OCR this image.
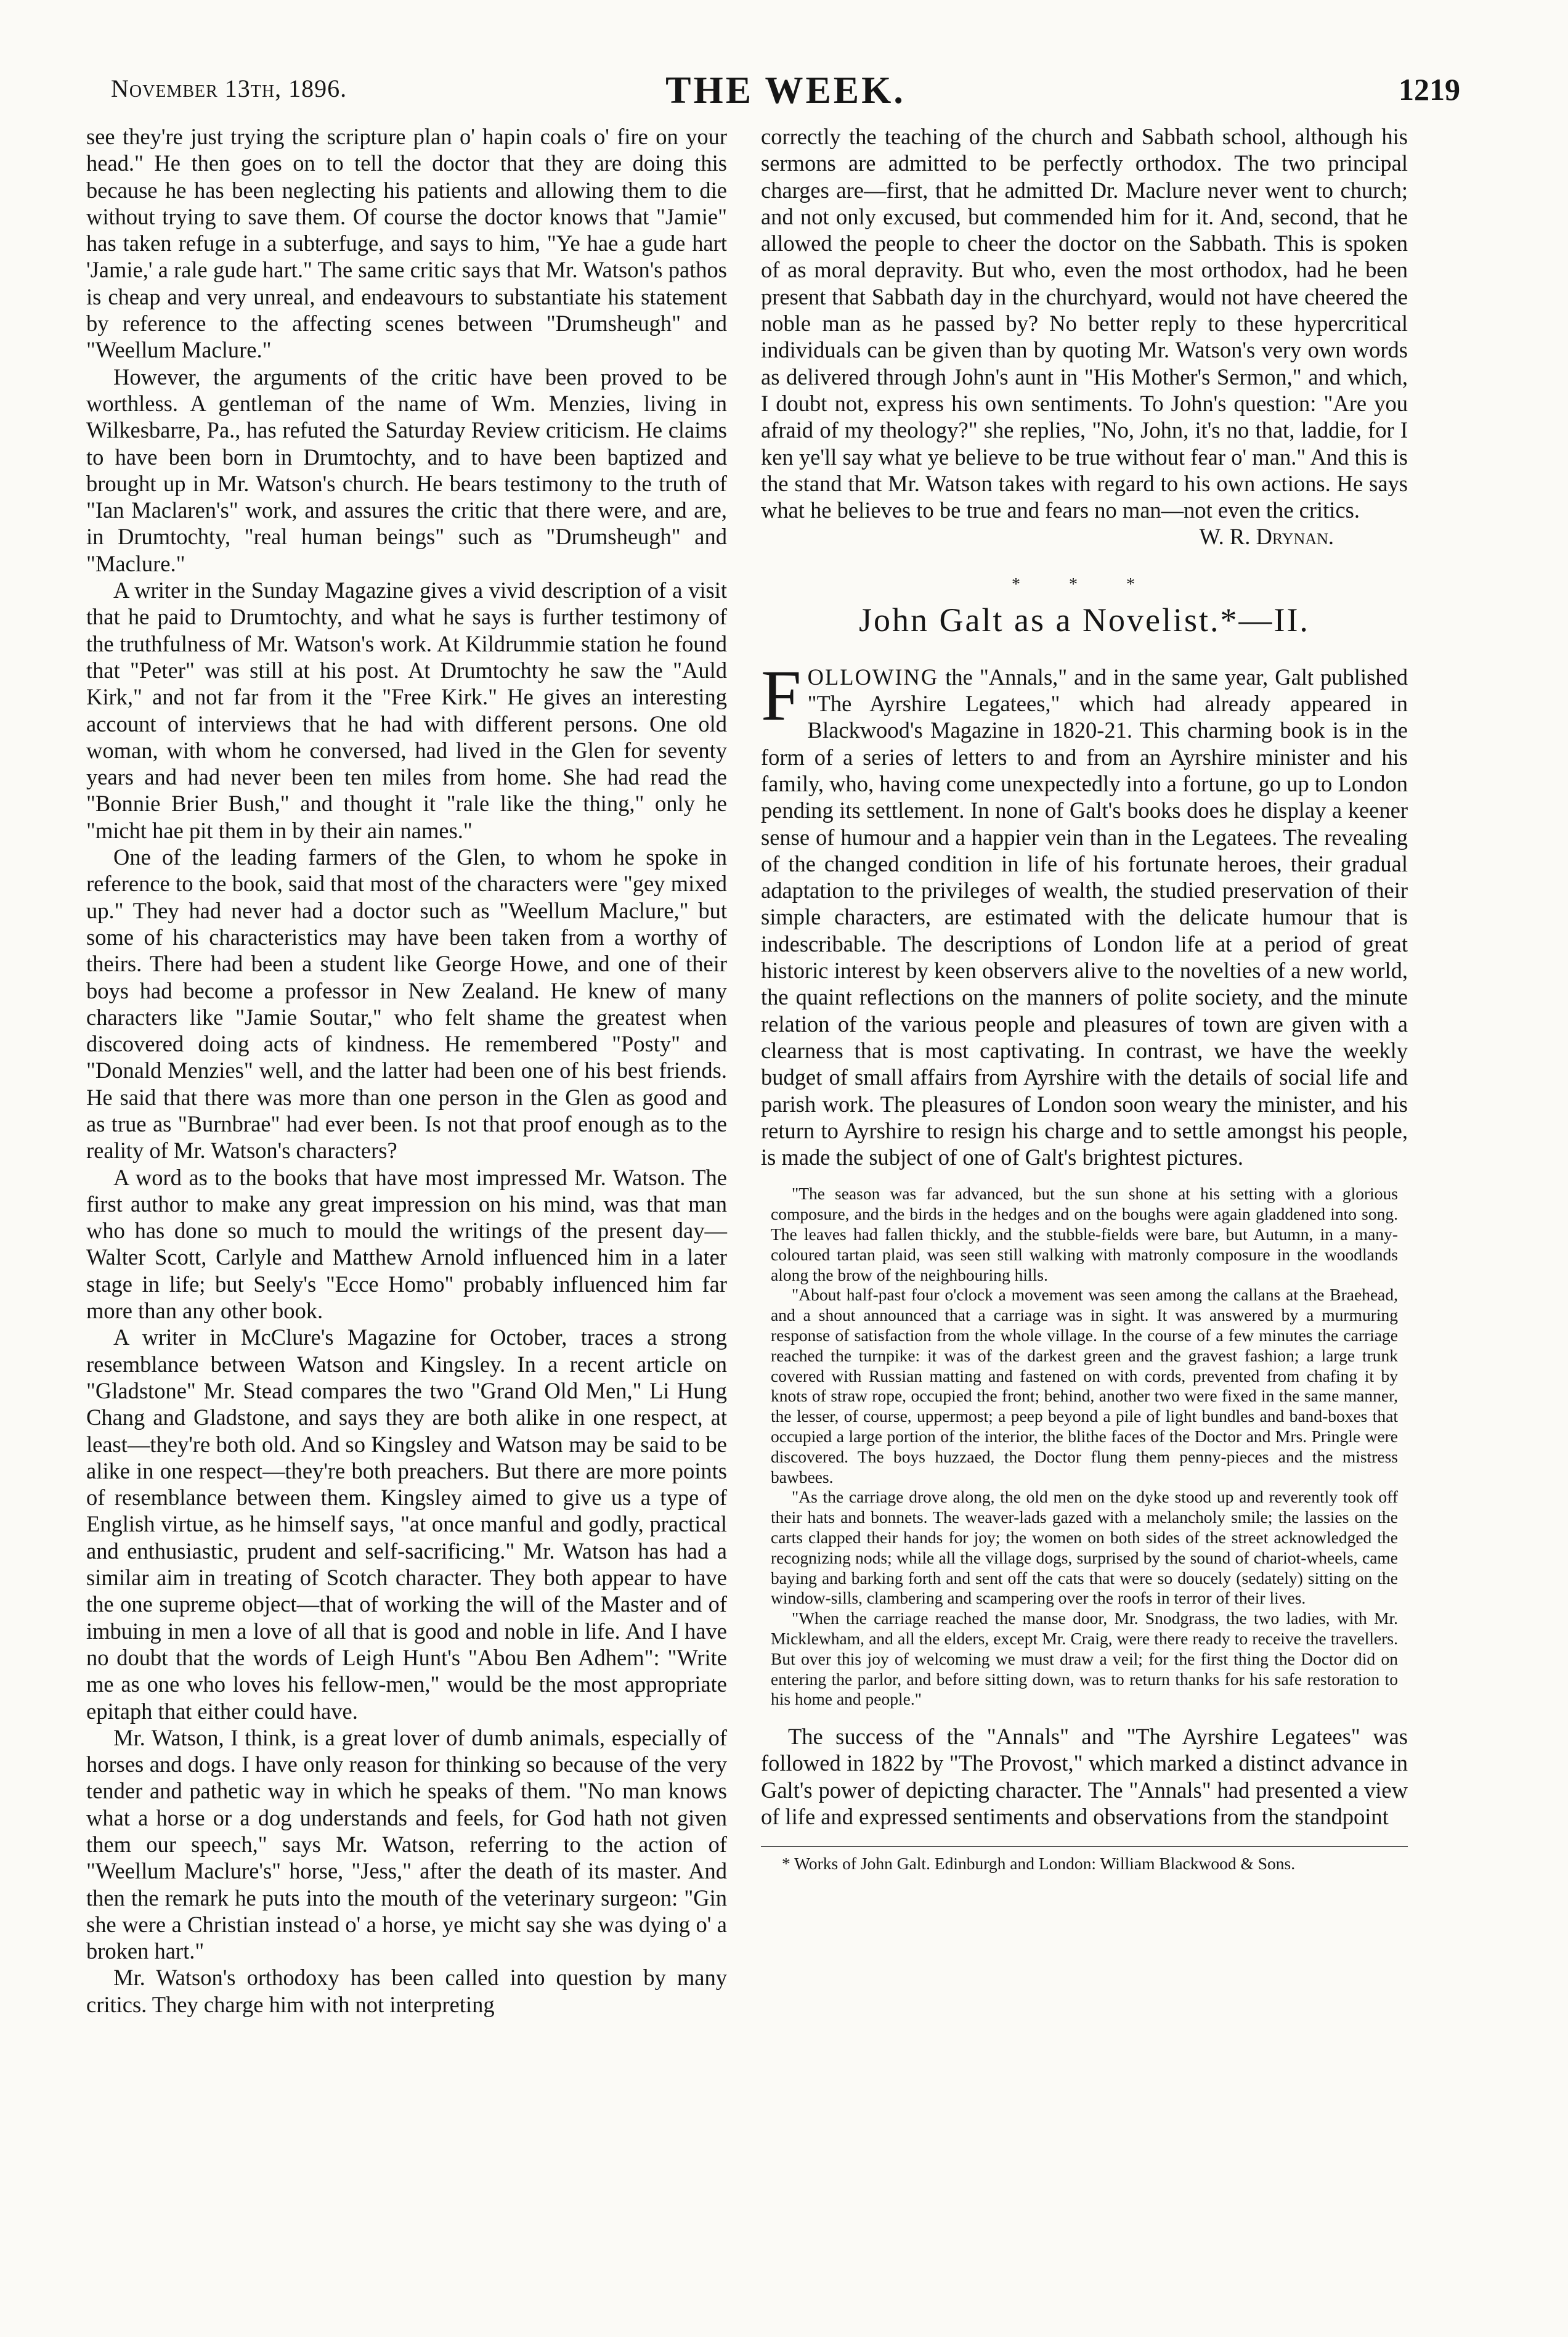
November 13th, 1896.	THE WEEK.	1219

see they're just trying the scripture plan o' hapin coals o' fire on your head." He then goes on to tell the doctor that they are doing this because he has been neglecting his patients and allowing them to die without trying to save them. Of course the doctor knows that "Jamie" has taken refuge in a subterfuge, and says to him, "Ye hae a gude hart 'Jamie,' a rale gude hart." The same critic says that Mr. Watson's pathos is cheap and very unreal, and endeavours to substantiate his statement by reference to the affecting scenes between "Drumsheugh" and "Weellum Maclure."

However, the arguments of the critic have been proved to be worthless. A gentleman of the name of Wm. Menzies, living in Wilkesbarre, Pa., has refuted the Saturday Review criticism. He claims to have been born in Drumtochty, and to have been baptized and brought up in Mr. Watson's church. He bears testimony to the truth of "Ian Maclaren's" work, and assures the critic that there were, and are, in Drumtochty, "real human beings" such as "Drumsheugh" and "Maclure."

A writer in the Sunday Magazine gives a vivid description of a visit that he paid to Drumtochty, and what he says is further testimony of the truthfulness of Mr. Watson's work. At Kildrummie station he found that "Peter" was still at his post. At Drumtochty he saw the "Auld Kirk," and not far from it the "Free Kirk." He gives an interesting account of interviews that he had with different persons. One old woman, with whom he conversed, had lived in the Glen for seventy years and had never been ten miles from home. She had read the "Bonnie Brier Bush," and thought it "rale like the thing," only he "micht hae pit them in by their ain names."

One of the leading farmers of the Glen, to whom he spoke in reference to the book, said that most of the characters were "gey mixed up." They had never had a doctor such as "Weellum Maclure," but some of his characteristics may have been taken from a worthy of theirs. There had been a student like George Howe, and one of their boys had become a professor in New Zealand. He knew of many characters like "Jamie Soutar," who felt shame the greatest when discovered doing acts of kindness. He remembered "Posty" and "Donald Menzies" well, and the latter had been one of his best friends. He said that there was more than one person in the Glen as good and as true as "Burnbrae" had ever been. Is not that proof enough as to the reality of Mr. Watson's characters?

A word as to the books that have most impressed Mr. Watson. The first author to make any great impression on his mind, was that man who has done so much to mould the writings of the present day—Walter Scott, Carlyle and Matthew Arnold influenced him in a later stage in life; but Seely's "Ecce Homo" probably influenced him far more than any other book.

A writer in McClure's Magazine for October, traces a strong resemblance between Watson and Kingsley. In a recent article on "Gladstone" Mr. Stead compares the two "Grand Old Men," Li Hung Chang and Gladstone, and says they are both alike in one respect, at least—they're both old. And so Kingsley and Watson may be said to be alike in one respect—they're both preachers. But there are more points of resemblance between them. Kingsley aimed to give us a type of English virtue, as he himself says, "at once manful and godly, practical and enthusiastic, prudent and self-sacrificing." Mr. Watson has had a similar aim in treating of Scotch character. They both appear to have the one supreme object—that of working the will of the Master and of imbuing in men a love of all that is good and noble in life. And I have no doubt that the words of Leigh Hunt's "Abou Ben Adhem": "Write me as one who loves his fellow-men," would be the most appropriate epitaph that either could have.

Mr. Watson, I think, is a great lover of dumb animals, especially of horses and dogs. I have only reason for thinking so because of the very tender and pathetic way in which he speaks of them. "No man knows what a horse or a dog understands and feels, for God hath not given them our speech," says Mr. Watson, referring to the action of "Weellum Maclure's" horse, "Jess," after the death of its master. And then the remark he puts into the mouth of the veterinary surgeon: "Gin she were a Christian instead o' a horse, ye micht say she was dying o' a broken hart."

Mr. Watson's orthodoxy has been called into question by many critics. They charge him with not interpreting

correctly the teaching of the church and Sabbath school, although his sermons are admitted to be perfectly orthodox. The two principal charges are—first, that he admitted Dr. Maclure never went to church; and not only excused, but commended him for it. And, second, that he allowed the people to cheer the doctor on the Sabbath. This is spoken of as moral depravity. But who, even the most orthodox, had he been present that Sabbath day in the churchyard, would not have cheered the noble man as he passed by? No better reply to these hypercritical individuals can be given than by quoting Mr. Watson's very own words as delivered through John's aunt in "His Mother's Sermon," and which, I doubt not, express his own sentiments. To John's question: "Are you afraid of my theology?" she replies, "No, John, it's no that, laddie, for I ken ye'll say what ye believe to be true without fear o' man." And this is the stand that Mr. Watson takes with regard to his own actions. He says what he believes to be true and fears no man—not even the critics.

W. R. Drynan.
* * *
John Galt as a Novelist.*—II.

FOLLOWING the "Annals," and in the same year, Galt published "The Ayrshire Legatees," which had already appeared in Blackwood's Magazine in 1820-21. This charming book is in the form of a series of letters to and from an Ayrshire minister and his family, who, having come unexpectedly into a fortune, go up to London pending its settlement. In none of Galt's books does he display a keener sense of humour and a happier vein than in the Legatees. The revealing of the changed condition in life of his fortunate heroes, their gradual adaptation to the privileges of wealth, the studied preservation of their simple characters, are estimated with the delicate humour that is indescribable. The descriptions of London life at a period of great historic interest by keen observers alive to the novelties of a new world, the quaint reflections on the manners of polite society, and the minute relation of the various people and pleasures of town are given with a clearness that is most captivating. In contrast, we have the weekly budget of small affairs from Ayrshire with the details of social life and parish work. The pleasures of London soon weary the minister, and his return to Ayrshire to resign his charge and to settle amongst his people, is made the subject of one of Galt's brightest pictures.

"The season was far advanced, but the sun shone at his setting with a glorious composure, and the birds in the hedges and on the boughs were again gladdened into song. The leaves had fallen thickly, and the stubble-fields were bare, but Autumn, in a many-coloured tartan plaid, was seen still walking with matronly composure in the woodlands along the brow of the neighbouring hills.

"About half-past four o'clock a movement was seen among the callans at the Braehead, and a shout announced that a carriage was in sight. It was answered by a murmuring response of satisfaction from the whole village. In the course of a few minutes the carriage reached the turnpike: it was of the darkest green and the gravest fashion; a large trunk covered with Russian matting and fastened on with cords, prevented from chafing it by knots of straw rope, occupied the front; behind, another two were fixed in the same manner, the lesser, of course, uppermost; a peep beyond a pile of light bundles and band-boxes that occupied a large portion of the interior, the blithe faces of the Doctor and Mrs. Pringle were discovered. The boys huzzaed, the Doctor flung them penny-pieces and the mistress bawbees.

"As the carriage drove along, the old men on the dyke stood up and reverently took off their hats and bonnets. The weaver-lads gazed with a melancholy smile; the lassies on the carts clapped their hands for joy; the women on both sides of the street acknowledged the recognizing nods; while all the village dogs, surprised by the sound of chariot-wheels, came baying and barking forth and sent off the cats that were so doucely (sedately) sitting on the window-sills, clambering and scampering over the roofs in terror of their lives.

"When the carriage reached the manse door, Mr. Snodgrass, the two ladies, with Mr. Micklewham, and all the elders, except Mr. Craig, were there ready to receive the travellers. But over this joy of welcoming we must draw a veil; for the first thing the Doctor did on entering the parlor, and before sitting down, was to return thanks for his safe restoration to his home and people."

The success of the "Annals" and "The Ayrshire Legatees" was followed in 1822 by "The Provost," which marked a distinct advance in Galt's power of depicting character. The "Annals" had presented a view of life and expressed sentiments and observations from the standpoint

* Works of John Galt. Edinburgh and London: William Blackwood & Sons.
